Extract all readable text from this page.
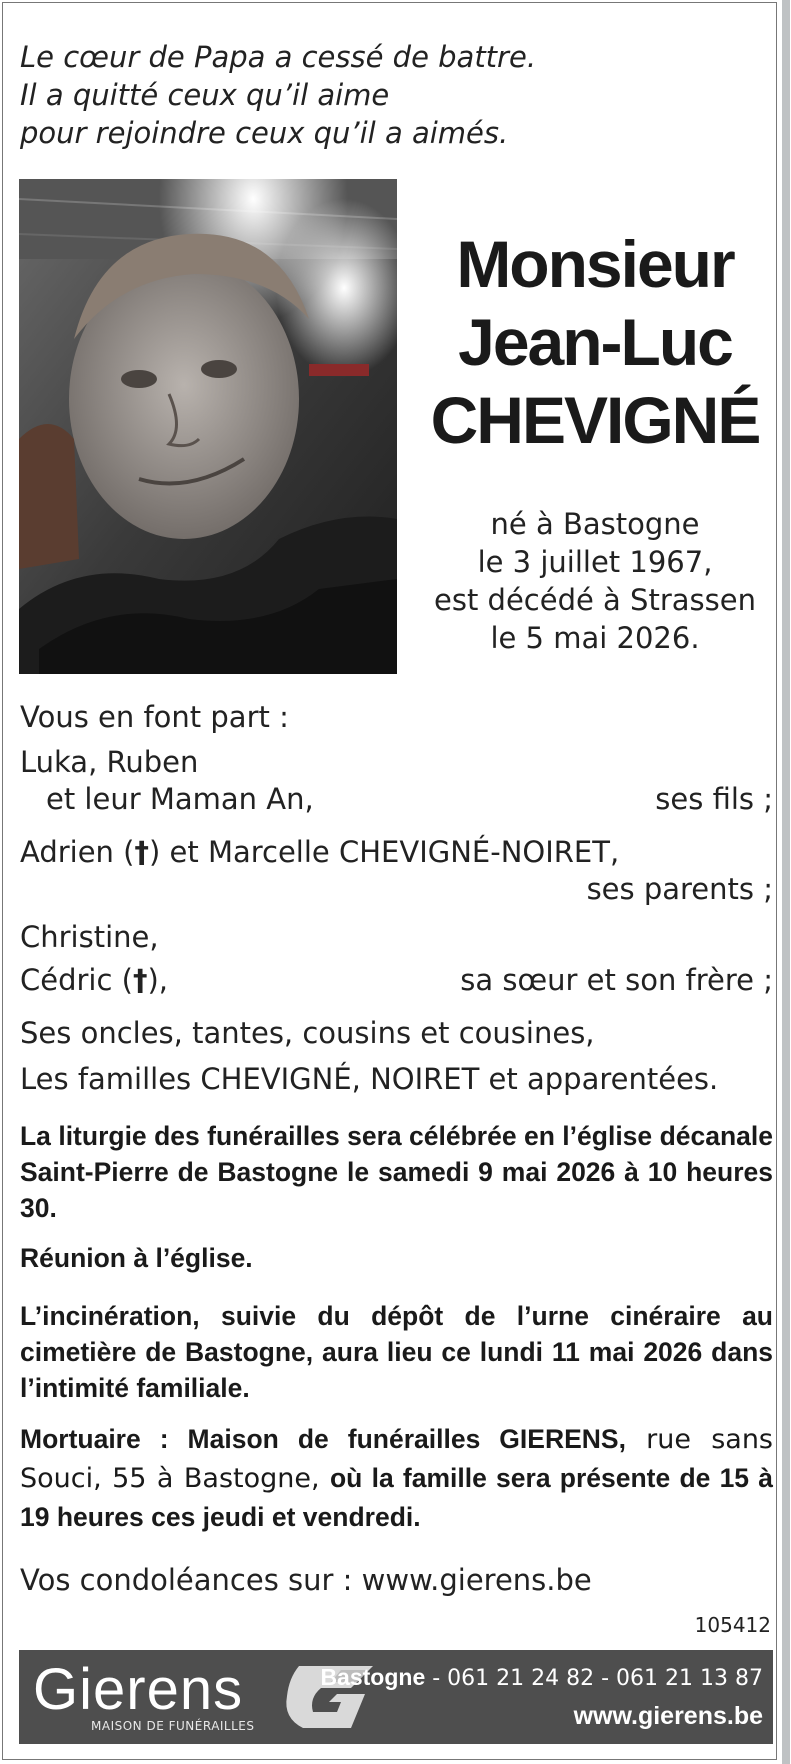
Le cœur de Papa a cessé de battre.
Il a quitté ceux qu’il aime
pour rejoindre ceux qu’il a aimés.
Monsieur
Jean-Luc
CHEVIGNÉ
né à Bastogne
le 3 juillet 1967,
est décédé à Strassen
le 5 mai 2026.
Vous en font part :
Luka, Ruben
et leur Maman An,	ses fils ;
Adrien (†) et Marcelle CHEVIGNÉ-NOIRET,
ses parents ;
Christine,
Cédric (†),	sa sœur et son frère ;
Ses oncles, tantes, cousins et cousines,
Les familles CHEVIGNÉ, NOIRET et apparentées.
La liturgie des funérailles sera célébrée en l’église décanale Saint-Pierre de Bastogne le samedi 9 mai 2026 à 10 heures 30.
Réunion à l’église.
L’incinération, suivie du dépôt de l’urne cinéraire au cimetière de Bastogne, aura lieu ce lundi 11 mai 2026 dans l’intimité familiale.
Mortuaire : Maison de funérailles GIERENS, rue sans Souci, 55 à Bastogne, où la famille sera présente de 15 à 19 heures ces jeudi et vendredi.
Vos condoléances sur : www.gierens.be
105412
Gierens
MAISON DE FUNÉRAILLES
Bastogne - 061 21 24 82 - 061 21 13 87
www.gierens.be
